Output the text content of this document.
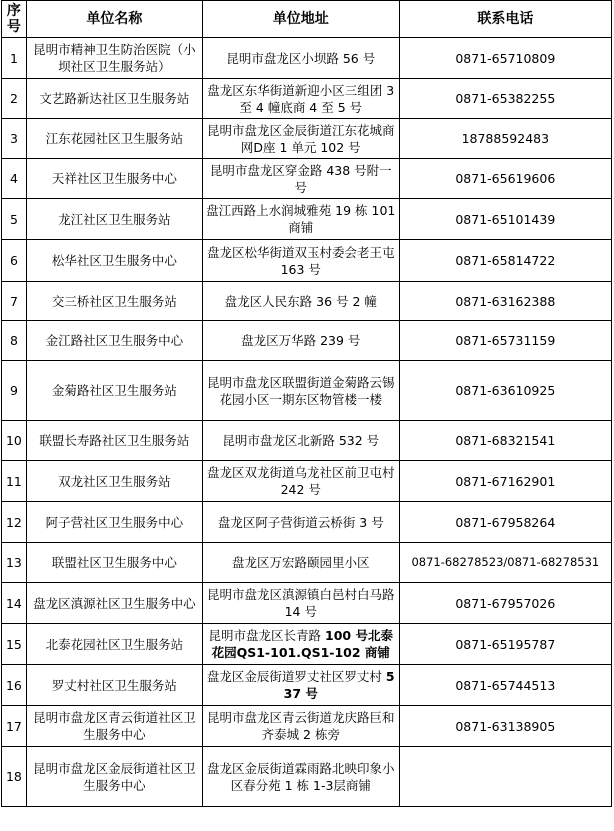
序号	单位名称	单位地址	联系电话
1	昆明市精神卫生防治医院（小坝社区卫生服务站）	昆明市盘龙区小坝路 56 号	0871-65710809
2	文艺路新达社区卫生服务站	盘龙区东华街道新迎小区三组团 3 至 4 幢底商 4 至 5 号	0871-65382255
3	江东花园社区卫生服务站	昆明市盘龙区金辰街道江东花城商网D座 1 单元 102 号	18788592483
4	天祥社区卫生服务中心	昆明市盘龙区穿金路 438 号附一号	0871-65619606
5	龙江社区卫生服务站	盘江西路上水润城雅苑 19 栋 101 商铺	0871-65101439
6	松华社区卫生服务中心	盘龙区松华街道双玉村委会老王屯 163 号	0871-65814722
7	交三桥社区卫生服务站	盘龙区人民东路 36 号 2 幢	0871-63162388
8	金江路社区卫生服务中心	盘龙区万华路 239 号	0871-65731159
9	金菊路社区卫生服务站	昆明市盘龙区联盟街道金菊路云锡花园小区一期东区物管楼一楼	0871-63610925
10	联盟长寿路社区卫生服务站	昆明市盘龙区北新路 532 号	0871-68321541
11	双龙社区卫生服务站	盘龙区双龙街道乌龙社区前卫屯村 242 号	0871-67162901
12	阿子营社区卫生服务中心	盘龙区阿子营街道云桥街 3 号	0871-67958264
13	联盟社区卫生服务中心	盘龙区万宏路颐园里小区	0871-68278523/0871-68278531
14	盘龙区滇源社区卫生服务中心	昆明市盘龙区滇源镇白邑村白马路 14 号	0871-67957026
15	北泰花园社区卫生服务站	昆明市盘龙区长青路 100 号北泰花园QS1-101.QS1-102 商铺	0871-65195787
16	罗丈村社区卫生服务站	盘龙区金辰街道罗丈社区罗丈村 537 号	0871-65744513
17	昆明市盘龙区青云街道社区卫生服务中心	昆明市盘龙区青云街道龙庆路巨和齐泰城 2 栋旁	0871-63138905
18	昆明市盘龙区金辰街道社区卫生服务中心	盘龙区金辰街道霖雨路北映印象小区春分苑 1 栋 1-3层商铺	
